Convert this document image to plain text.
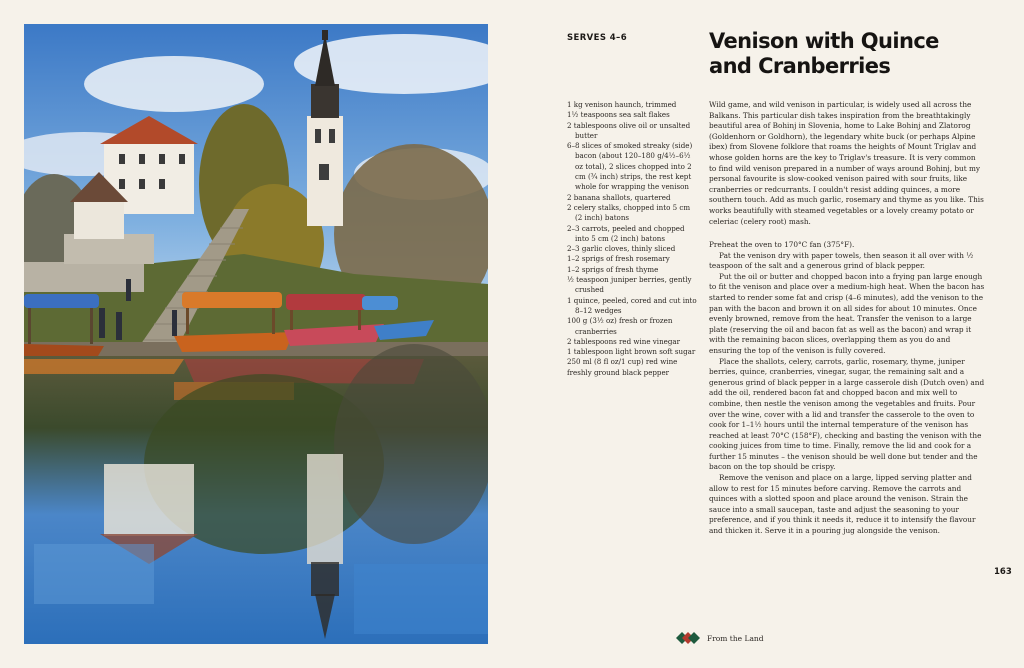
SERVES 4–6	Venison with Quince
and Cranberries
1 kg venison haunch, trimmed
1½ teaspoons sea salt flakes
2 tablespoons olive oil or unsalted butter
6–8 slices of smoked streaky (side) bacon (about 120–180 g/4½–6½ oz total), 2 slices chopped into 2 cm (¾ inch) strips, the rest kept whole for wrapping the venison
2 banana shallots, quartered
2 celery stalks, chopped into 5 cm (2 inch) batons
2–3 carrots, peeled and chopped into 5 cm (2 inch) batons
2–3 garlic cloves, thinly sliced
1–2 sprigs of fresh rosemary
1–2 sprigs of fresh thyme
½ teaspoon juniper berries, gently crushed
1 quince, peeled, cored and cut into 8–12 wedges
100 g (3½ oz) fresh or frozen cranberries
2 tablespoons red wine vinegar
1 tablespoon light brown soft sugar
250 ml (8 fl oz/1 cup) red wine
freshly ground black pepper

Wild game, and wild venison in particular, is widely used all across the Balkans. This particular dish takes inspiration from the breathtakingly beautiful area of Bohinj in Slovenia, home to Lake Bohinj and Zlatorog (Goldenhorn or Goldhorn), the legendary white buck (or perhaps Alpine ibex) from Slovene folklore that roams the heights of Mount Triglav and whose golden horns are the key to Triglav's treasure. It is very common to find wild venison prepared in a number of ways around Bohinj, but my personal favourite is slow-cooked venison paired with sour fruits, like cranberries or redcurrants. I couldn't resist adding quinces, a more southern touch. Add as much garlic, rosemary and thyme as you like. This works beautifully with steamed vegetables or a lovely creamy potato or celeriac (celery root) mash.

Preheat the oven to 170°C fan (375°F).

Pat the venison dry with paper towels, then season it all over with ½ teaspoon of the salt and a generous grind of black pepper.

Put the oil or butter and chopped bacon into a frying pan large enough to fit the venison and place over a medium-high heat. When the bacon has started to render some fat and crisp (4–6 minutes), add the venison to the pan with the bacon and brown it on all sides for about 10 minutes. Once evenly browned, remove from the heat. Transfer the venison to a large plate (reserving the oil and bacon fat as well as the bacon) and wrap it with the remaining bacon slices, overlapping them as you do and ensuring the top of the venison is fully covered.

Place the shallots, celery, carrots, garlic, rosemary, thyme, juniper berries, quince, cranberries, vinegar, sugar, the remaining salt and a generous grind of black pepper in a large casserole dish (Dutch oven) and add the oil, rendered bacon fat and chopped bacon and mix well to combine, then nestle the venison among the vegetables and fruits. Pour over the wine, cover with a lid and transfer the casserole to the oven to cook for 1–1½ hours until the internal temperature of the venison has reached at least 70°C (158°F), checking and basting the venison with the cooking juices from time to time. Finally, remove the lid and cook for a further 15 minutes – the venison should be well done but tender and the bacon on the top should be crispy.

Remove the venison and place on a large, lipped serving platter and allow to rest for 15 minutes before carving. Remove the carrots and quinces with a slotted spoon and place around the venison. Strain the sauce into a small saucepan, taste and adjust the seasoning to your preference, and if you think it needs it, reduce it to intensify the flavour and thicken it. Serve it in a pouring jug alongside the venison.

163
From the Land
